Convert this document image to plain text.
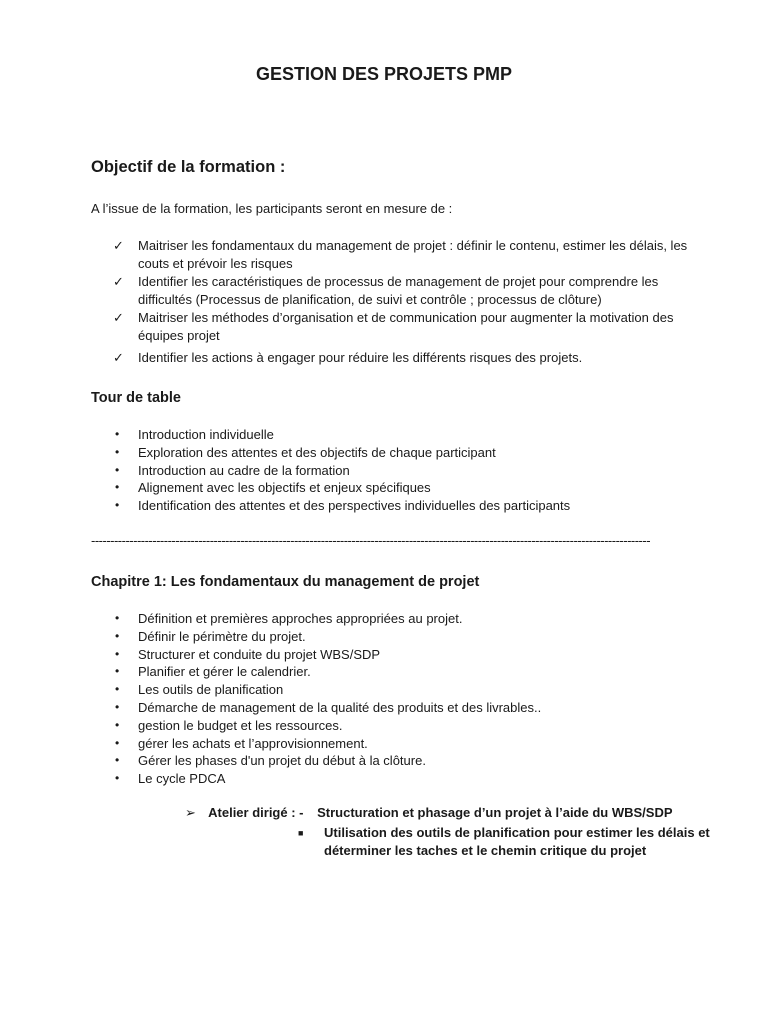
GESTION DES PROJETS PMP
Objectif de la formation :
A l’issue de la formation, les participants seront en mesure de :
✓ Maitriser les fondamentaux du management de projet : définir le contenu, estimer les délais, les couts et prévoir les risques
✓ Identifier les caractéristiques de processus de management de projet pour comprendre les difficultés (Processus de planification, de suivi et contrôle ; processus de clôture)
✓ Maitriser les méthodes d’organisation et de communication pour augmenter la motivation des équipes projet
✓ Identifier les actions à engager pour réduire les différents risques des projets.
Tour de table
• Introduction individuelle
• Exploration des attentes et des objectifs de chaque participant
• Introduction au cadre de la formation
• Alignement avec les objectifs et enjeux spécifiques
• Identification des attentes et des perspectives individuelles des participants
--------------------------------------------------------------------------------------------------------------------------------------------------
Chapitre 1: Les fondamentaux du management de projet
• Définition et premières approches appropriées au projet.
• Définir le périmètre du projet.
• Structurer et conduite du projet WBS/SDP
• Planifier et gérer le calendrier.
• Les outils de planification
• Démarche de management de la qualité des produits et des livrables..
• gestion le budget et les ressources.
• gérer les achats et l’approvisionnement.
• Gérer les phases d'un projet du début à la clôture.
• Le cycle PDCA
➢ Atelier dirigé : - Structuration et phasage d’un projet à l’aide du WBS/SDP
■ Utilisation des outils de planification pour estimer les délais et déterminer les taches et le chemin critique du projet
